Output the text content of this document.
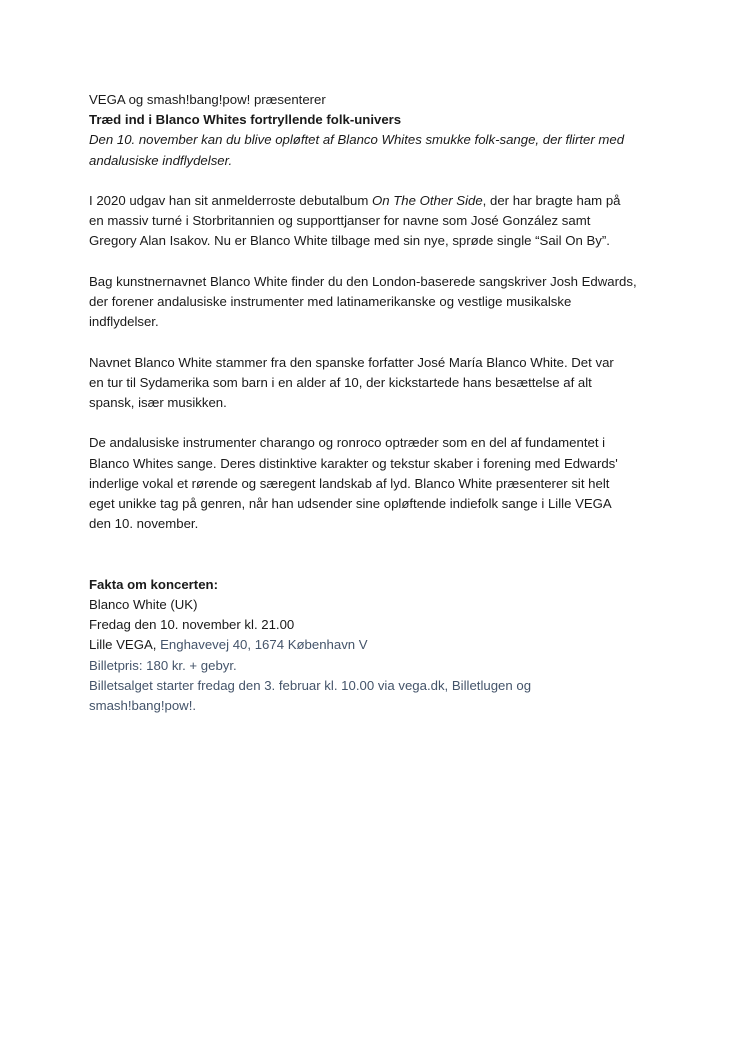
VEGA og smash!bang!pow! præsenterer
Træd ind i Blanco Whites fortryllende folk-univers
Den 10. november kan du blive opløftet af Blanco Whites smukke folk-sange, der flirter med
andalusiske indflydelser.
I 2020 udgav han sit anmelderroste debutalbum On The Other Side, der har bragte ham på
en massiv turné i Storbritannien og supporttjanser for navne som José González samt
Gregory Alan Isakov. Nu er Blanco White tilbage med sin nye, sprøde single “Sail On By”.
Bag kunstnernavnet Blanco White finder du den London-baserede sangskriver Josh Edwards,
der forener andalusiske instrumenter med latinamerikanske og vestlige musikalske
indflydelser.
Navnet Blanco White stammer fra den spanske forfatter José María Blanco White. Det var
en tur til Sydamerika som barn i en alder af 10, der kickstartede hans besættelse af alt
spansk, især musikken.
De andalusiske instrumenter charango og ronroco optræder som en del af fundamentet i
Blanco Whites sange. Deres distinktive karakter og tekstur skaber i forening med Edwards'
inderlige vokal et rørende og særegent landskab af lyd. Blanco White præsenterer sit helt
eget unikke tag på genren, når han udsender sine opløftende indiefolk sange i Lille VEGA
den 10. november.
Fakta om koncerten:
Blanco White (UK)
Fredag den 10. november kl. 21.00
Lille VEGA, Enghavevej 40, 1674 København V
Billetpris: 180 kr. + gebyr.
Billetsalget starter fredag den 3. februar kl. 10.00 via vega.dk, Billetlugen og
smash!bang!pow!.
